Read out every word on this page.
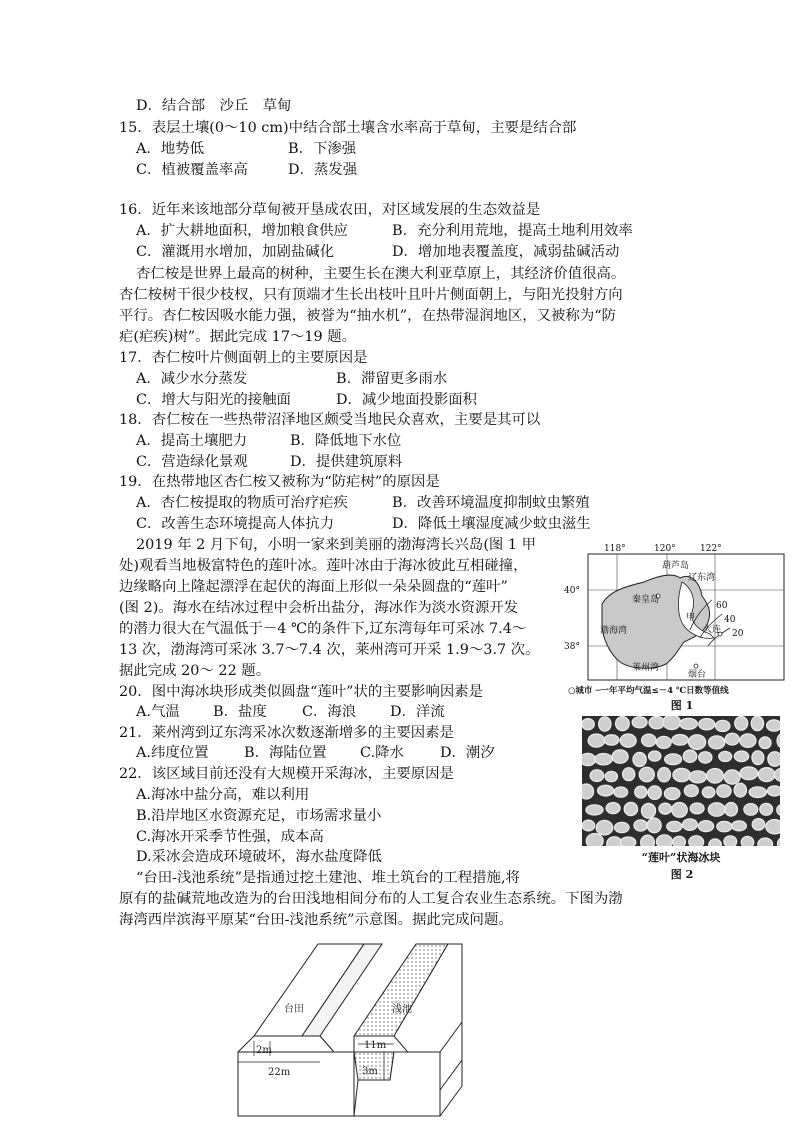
D．结合部　沙丘　草甸
15．表层土壤(0～10 cm)中结合部土壤含水率高于草甸，主要是结合部
A．地势低	B．下渗强
C．植被覆盖率高	D．蒸发强
16．近年来该地部分草甸被开垦成农田，对区域发展的生态效益是
A．扩大耕地面积，增加粮食供应	B．充分利用荒地，提高土地利用效率
C．灌溉用水增加，加剧盐碱化	D．增加地表覆盖度，减弱盐碱活动
杏仁桉是世界上最高的树种，主要生长在澳大利亚草原上，其经济价值很高。
杏仁桉树干很少枝杈，只有顶端才生长出枝叶且叶片侧面朝上，与阳光投射方向
平行。杏仁桉因吸水能力强，被誉为“抽水机”，在热带湿润地区，又被称为“防
疟(疟疾)树”。据此完成 17～19 题。
17．杏仁桉叶片侧面朝上的主要原因是
A．减少水分蒸发	B．滞留更多雨水
C．增大与阳光的接触面	D．减少地面投影面积
18．杏仁桉在一些热带沼泽地区颇受当地民众喜欢，主要是其可以
A．提高土壤肥力	B．降低地下水位
C．营造绿化景观	D．提供建筑原料
19．在热带地区杏仁桉又被称为“防疟树”的原因是
A．杏仁桉提取的物质可治疗疟疾	B．改善环境温度抑制蚊虫繁殖
C．改善生态环境提高人体抗力	D．降低土壤湿度减少蚊虫滋生
2019 年 2 月下旬，小明一家来到美丽的渤海湾长兴岛(图 1 甲
处)观看当地极富特色的莲叶冰。莲叶冰由于海冰彼此互相碰撞，
边缘略向上隆起漂浮在起伏的海面上形似一朵朵圆盘的“莲叶”
(图 2)。海水在结冰过程中会析出盐分，海冰作为淡水资源开发
的潜力很大在气温低于－4 ℃的条件下,辽东湾每年可采冰 7.4～
13 次，渤海湾可采冰 3.7～7.4 次，莱州湾可开采 1.9～3.7 次。
据此完成 20～ 22 题。
20．图中海冰块形成类似圆盘“莲叶”状的主要影响因素是
A.气温 B．盐度 C．海浪 D．洋流
21．莱州湾到辽东湾采冰次数逐渐增多的主要因素是
A.纬度位置 B．海陆位置 C.降水	D．潮汐
22．该区域目前还没有大规模开采海冰，主要原因是
A.海冰中盐分高，难以利用
B.沿岸地区水资源充足，市场需求量小
C.海冰开采季节性强，成本高
D.采冰会造成环境破坏，海水盐度降低
“台田-浅池系统”是指通过挖土建池、堆土筑台的工程措施,将
原有的盐碱荒地改造为的台田浅地相间分布的人工复合农业生态系统。下图为渤
海湾西岸滨海平原某“台田-浅池系统”示意图。据此完成问题。
118°	120°	122°
40°
38°
60
40
20
葫芦岛
辽东湾
秦皇岛
甲
大连
渤海湾
莱州湾
烟台
○城市 ─一年平均气温≤－4 ℃日数等值线
图 1
“莲叶”状海冰块
图 2
台田	浅池
2m
22m
11m
3m
